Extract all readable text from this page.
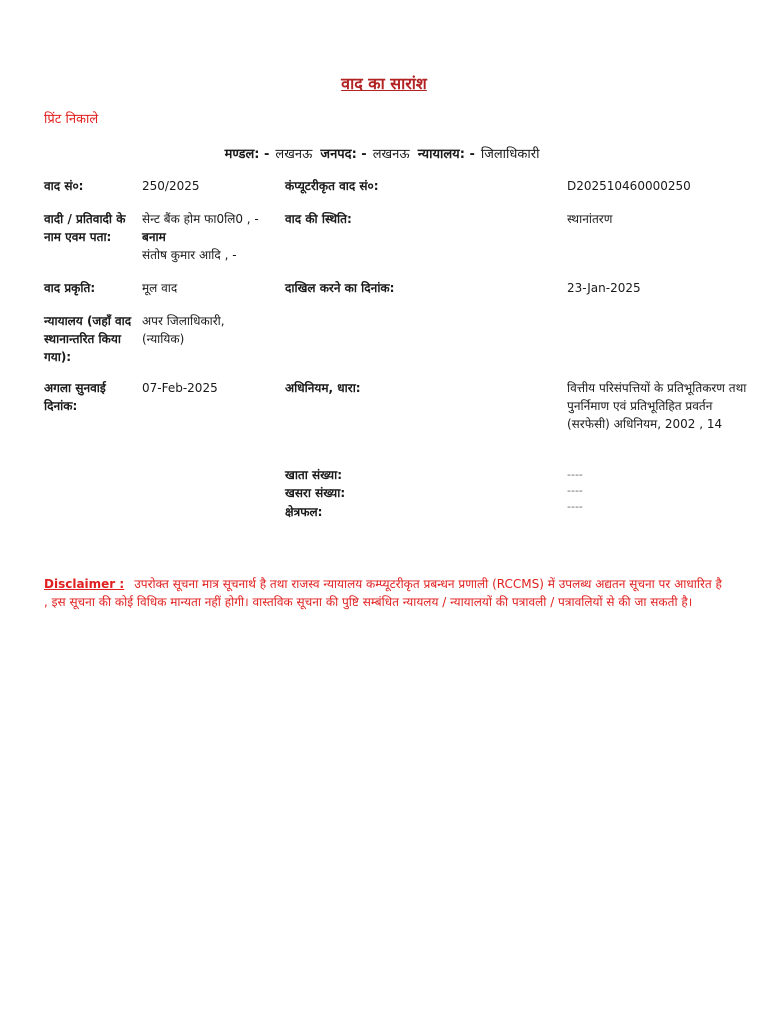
वाद का सारांश
प्रिंट निकाले
मण्डल: - लखनऊ जनपद: - लखनऊ न्यायालय: - जिलाधिकारी
वाद सं०:	250/2025	कंप्यूटरीकृत वाद सं०:	D202510460000250
वादी / प्रतिवादी के नाम एवम पता:
सेन्ट बैंक होम फा0लि0 , -
बनाम
संतोष कुमार आदि , -
वाद की स्थिति:	स्थानांतरण
वाद प्रकृति:	मूल वाद	दाखिल करने का दिनांक:	23-Jan-2025
न्यायालय (जहाँ वाद स्थानान्तरित किया गया):
अपर जिलाधिकारी, (न्यायिक)
अगला सुनवाई दिनांक:
07-Feb-2025	अधिनियम, धारा:	वित्तीय परिसंपत्तियों के प्रतिभूतिकरण तथा पुनर्निमाण एवं प्रतिभूतिहित प्रवर्तन (सरफेसी) अधिनियम, 2002 , 14
खाता संख्या:	----
खसरा संख्या:	----
क्षेत्रफल:	----
Disclaimer : उपरोक्त सूचना मात्र सूचनार्थ है तथा राजस्व न्यायालय कम्प्यूटरीकृत प्रबन्धन प्रणाली (RCCMS) में उपलब्ध अद्यतन सूचना पर आधारित है , इस सूचना की कोई विधिक मान्यता नहीं होगी। वास्तविक सूचना की पुष्टि सम्बंधित न्यायलय / न्यायालयों की पत्रावली / पत्रावलियों से की जा सकती है।
